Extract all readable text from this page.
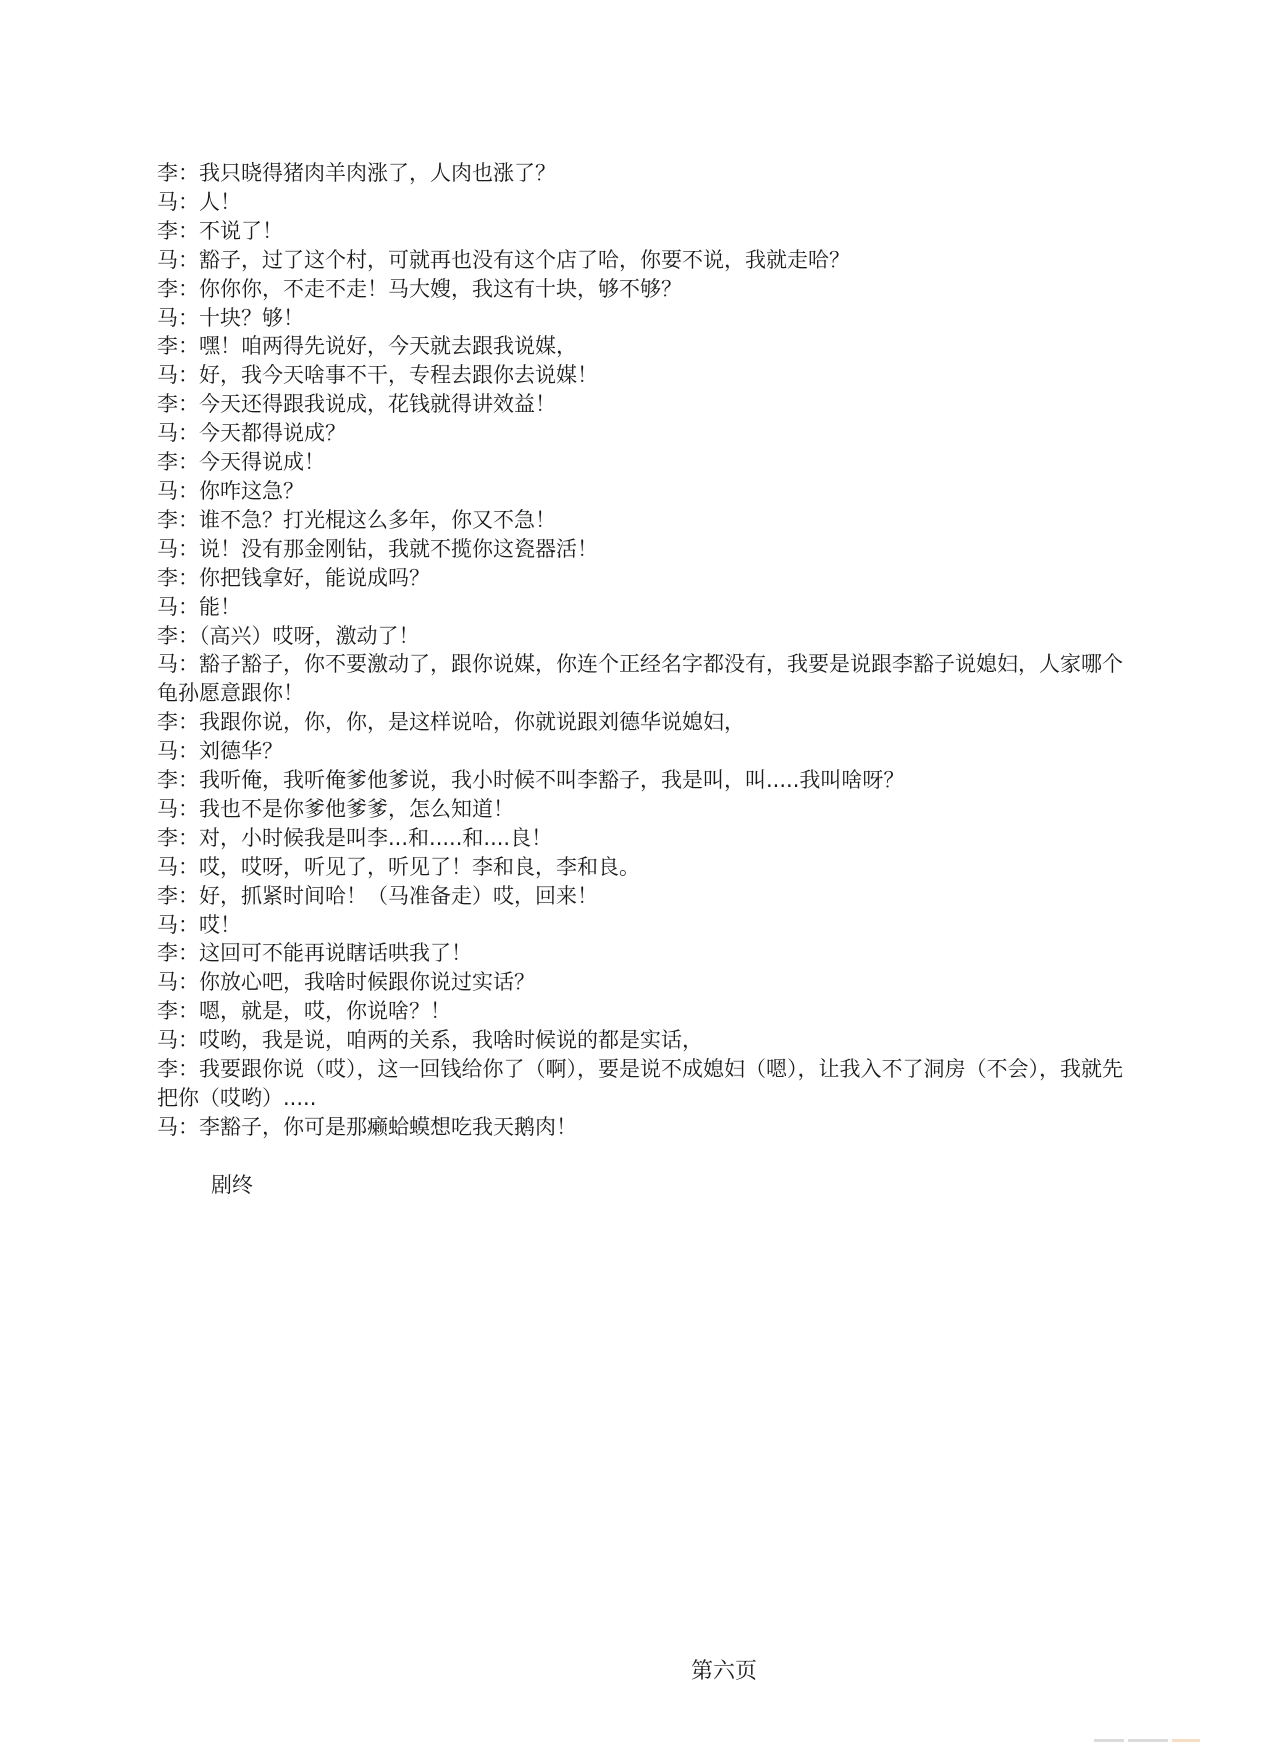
李：我只晓得猪肉羊肉涨了，人肉也涨了？
马：人！
李：不说了！
马：豁子，过了这个村，可就再也没有这个店了哈，你要不说，我就走哈？
李：你你你，不走不走！马大嫂，我这有十块，够不够？
马：十块？够！
李：嘿！咱两得先说好，今天就去跟我说媒，
马：好，我今天啥事不干，专程去跟你去说媒！
李：今天还得跟我说成，花钱就得讲效益！
马：今天都得说成？
李：今天得说成！
马：你咋这急？
李：谁不急？打光棍这么多年，你又不急！
马：说！没有那金刚钻，我就不揽你这瓷器活！
李：你把钱拿好，能说成吗？
马：能！
李：（高兴）哎呀，激动了！
马：豁子豁子，你不要激动了，跟你说媒，你连个正经名字都没有，我要是说跟李豁子说媳妇，人家哪个龟孙愿意跟你！
李：我跟你说，你，你，是这样说哈，你就说跟刘德华说媳妇，
马：刘德华？
李：我听俺，我听俺爹他爹说，我小时候不叫李豁子，我是叫，叫.....我叫啥呀？
马：我也不是你爹他爹爹，怎么知道！
李：对，小时候我是叫李...和.....和....良！
马：哎，哎呀，听见了，听见了！李和良，李和良。
李：好，抓紧时间哈！（马准备走）哎，回来！
马：哎！
李：这回可不能再说瞎话哄我了！
马：你放心吧，我啥时候跟你说过实话？
李：嗯，就是，哎，你说啥？！
马：哎哟，我是说，咱两的关系，我啥时候说的都是实话，
李：我要跟你说（哎），这一回钱给你了（啊），要是说不成媳妇（嗯），让我入不了洞房（不会），我就先把你（哎哟）.....
马：李豁子，你可是那癞蛤蟆想吃我天鹅肉！
剧终
第六页
